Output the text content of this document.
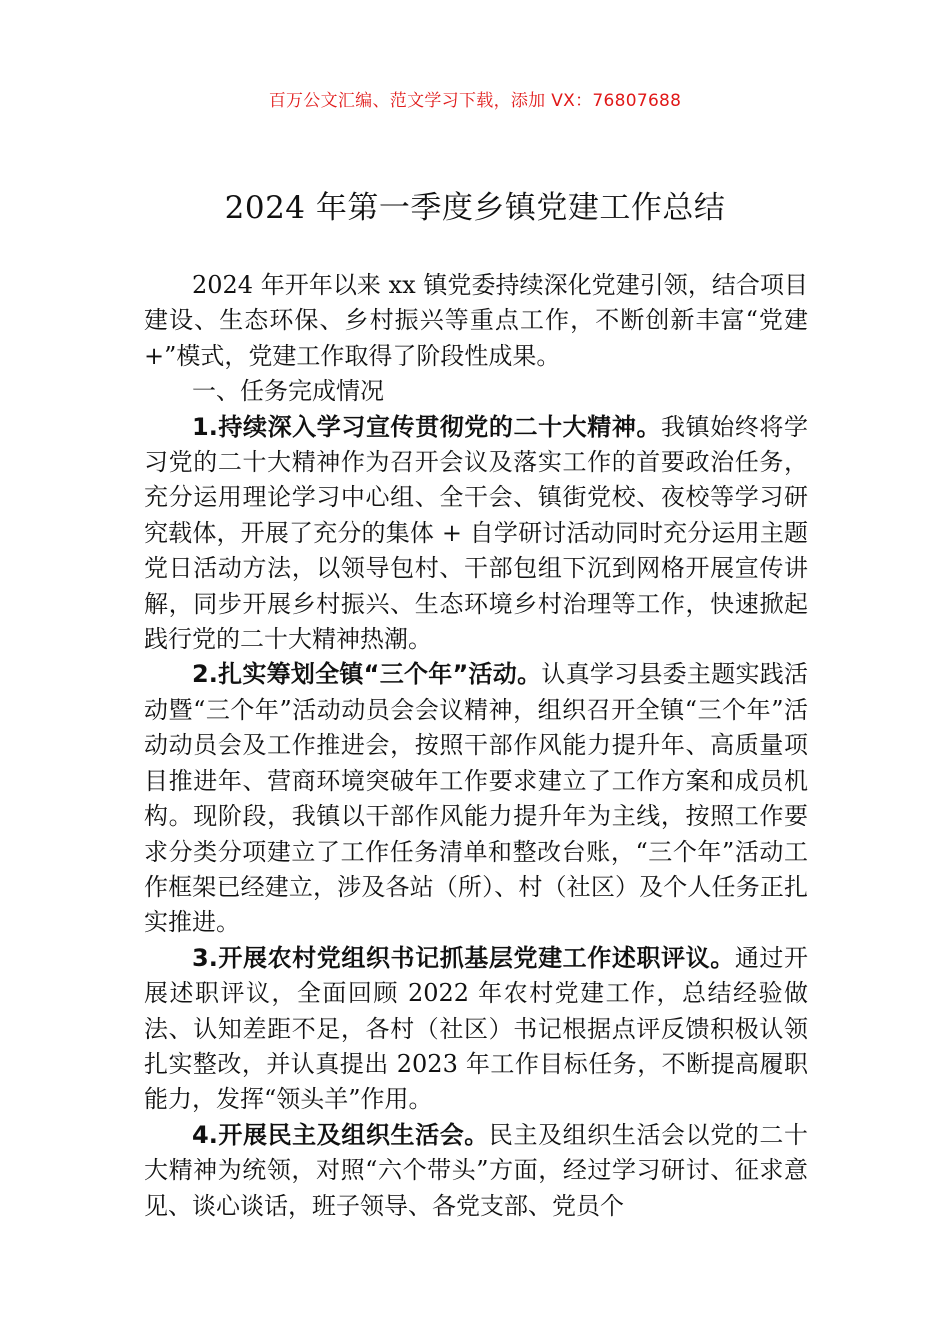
百万公文汇编、范文学习下载，添加 VX：76807688
2024 年第一季度乡镇党建工作总结

2024 年开年以来 xx 镇党委持续深化党建引领，结合项目建设、生态环保、乡村振兴等重点工作，不断创新丰富“党建+”模式，党建工作取得了阶段性成果。

一、任务完成情况

1.持续深入学习宣传贯彻党的二十大精神。我镇始终将学习党的二十大精神作为召开会议及落实工作的首要政治任务，充分运用理论学习中心组、全干会、镇街党校、夜校等学习研究载体，开展了充分的集体 + 自学研讨活动同时充分运用主题党日活动方法，以领导包村、干部包组下沉到网格开展宣传讲解，同步开展乡村振兴、生态环境乡村治理等工作，快速掀起践行党的二十大精神热潮。

2.扎实筹划全镇“三个年”活动。认真学习县委主题实践活动暨“三个年”活动动员会会议精神，组织召开全镇“三个年”活动动员会及工作推进会，按照干部作风能力提升年、高质量项目推进年、营商环境突破年工作要求建立了工作方案和成员机构。现阶段，我镇以干部作风能力提升年为主线，按照工作要求分类分项建立了工作任务清单和整改台账，“三个年”活动工作框架已经建立，涉及各站（所）、村（社区）及个人任务正扎实推进。

3.开展农村党组织书记抓基层党建工作述职评议。通过开展述职评议，全面回顾 2022 年农村党建工作，总结经验做法、认知差距不足，各村（社区）书记根据点评反馈积极认领扎实整改，并认真提出 2023 年工作目标任务，不断提高履职能力，发挥“领头羊”作用。

4.开展民主及组织生活会。民主及组织生活会以党的二十大精神为统领，对照“六个带头”方面，经过学习研讨、征求意见、谈心谈话，班子领导、各党支部、党员个
